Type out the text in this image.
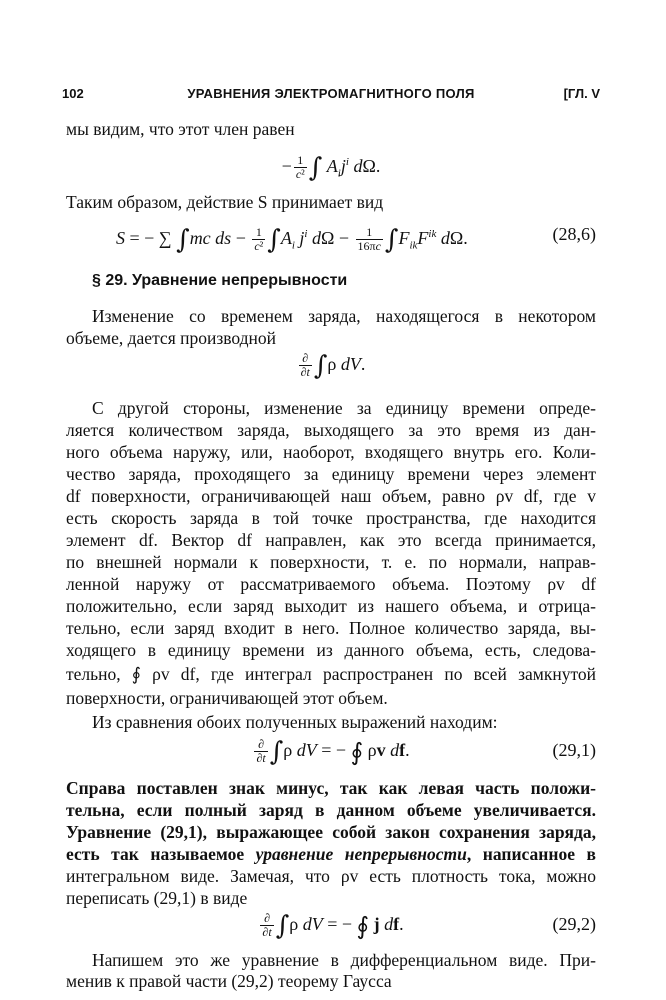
102	УРАВНЕНИЯ ЭЛЕКТРОМАГНИТНОГО ПОЛЯ	[ГЛ. V
мы видим, что этот член равен
− $\frac{1}{\text{c²}}$ ∫ $A_ij^i$ dΩ.
Таким образом, действие S принимает вид
S = − ∑ ∫mc ds − $\frac{1}{\text{c²}} \int A_i$ $j^i$ $d\Omega - \frac{1}{16\pi c} \int F_{ik}F^{ik}$ dΩ.	(28,6)
§ 29. Уравнение непрерывности
Изменение со временем заряда, находящегося в некотором
объеме, дается производной
$\frac{\partial}{\partial t} \int\rho$ dV.
С другой стороны, изменение за единицу времени опреде-
ляется количеством заряда, выходящего за это время из дан-
ного объема наружу, или, наоборот, входящего внутрь его. Коли-
чество заряда, проходящего за единицу времени через элемент
df поверхности, ограничивающей наш объем, равно ρv df, где v
есть скорость заряда в той точке пространства, где находится
элемент df. Вектор df направлен, как это всегда принимается,
по внешней нормали к поверхности, т. е. по нормали, направ-
ленной наружу от рассматриваемого объема. Поэтому ρv df
положительно, если заряд выходит из нашего объема, и отрица-
тельно, если заряд входит в него. Полное количество заряда, вы-
ходящего в единицу времени из данного объема, есть, следова-
тельно, ∮ ρv df, где интеграл распространен по всей замкнутой
поверхности, ограничивающей этот объем.
Из сравнения обоих полученных выражений находим:
$\frac{\partial}{\partial t} \int\rho$ dV = − ∮ ρv df.	(29,1)
Справа поставлен знак минус, так как левая часть положи-
тельна, если полный заряд в данном объеме увеличивается.
Уравнение (29,1), выражающее собой закон сохранения заряда,
есть так называемое уравнение непрерывности, написанное в
интегральном виде. Замечая, что ρv есть плотность тока, можно
переписать (29,1) в виде
$\frac{\partial}{\partial t} \int\rho$ dV = − ∮ j df.	(29,2)
Напишем это же уравнение в дифференциальном виде. При-
менив к правой части (29,2) теорему Гаусса
